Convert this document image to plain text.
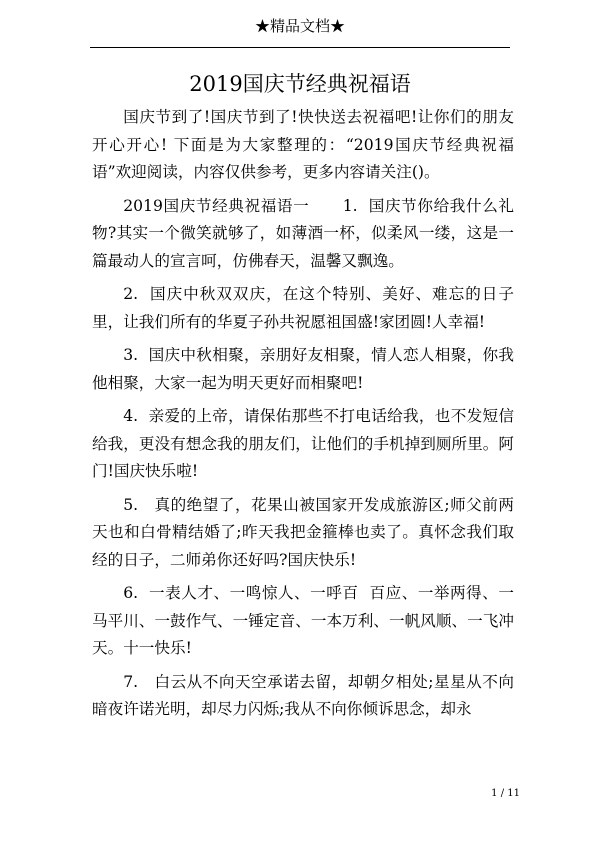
★精品文档★
2019国庆节经典祝福语

国庆节到了!国庆节到了!快快送去祝福吧!让你们的朋友开心开心! 下面是为大家整理的：“2019国庆节经典祝福语”欢迎阅读，内容仅供参考，更多内容请关注()。

2019国庆节经典祝福语一      1.  国庆节你给我什么礼物?其实一个微笑就够了，如薄酒一杯，似柔风一缕，这是一篇最动人的宣言呵，仿佛春天，温馨又飘逸。

2.  国庆中秋双双庆，在这个特别、美好、难忘的日子里，让我们所有的华夏子孙共祝愿祖国盛!家团圆!人幸福!

3.  国庆中秋相聚，亲朋好友相聚，情人恋人相聚，你我他相聚，大家一起为明天更好而相聚吧!

4.  亲爱的上帝，请保佑那些不打电话给我，也不发短信给我，更没有想念我的朋友们，让他们的手机掉到厕所里。阿门!国庆快乐啦!

5.   真的绝望了，花果山被国家开发成旅游区;师父前两天也和白骨精结婚了;昨天我把金箍棒也卖了。真怀念我们取经的日子，二师弟你还好吗?国庆快乐!

6.  一表人才、一鸣惊人、一呼百  百应、一举两得、一马平川、一鼓作气、一锤定音、一本万利、一帆风顺、一飞冲天。十一快乐!

7.   白云从不向天空承诺去留，却朝夕相处;星星从不向暗夜许诺光明，却尽力闪烁;我从不向你倾诉思念，却永

1 / 11
